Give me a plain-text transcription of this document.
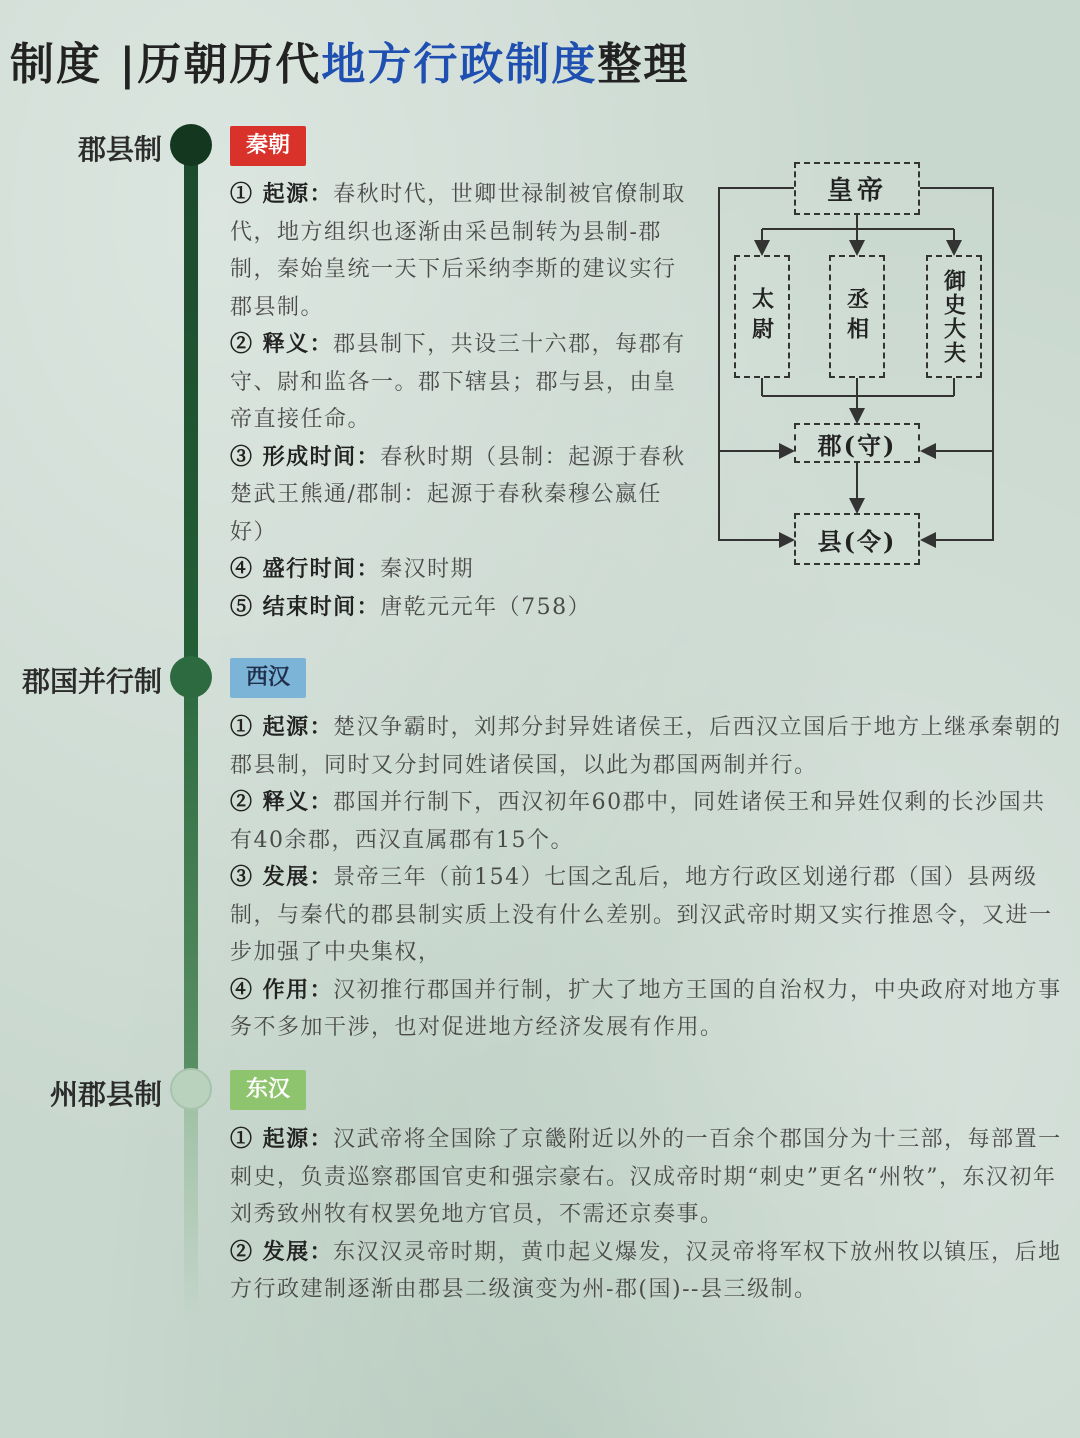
制度 |历朝历代地方行政制度整理
郡县制	秦朝
① 起源：春秋时代，世卿世禄制被官僚制取代，地方组织也逐渐由采邑制转为县制-郡制，秦始皇统一天下后采纳李斯的建议实行郡县制。
② 释义：郡县制下，共设三十六郡，每郡有守、尉和监各一。郡下辖县；郡与县，由皇帝直接任命。
③ 形成时间：春秋时期（县制：起源于春秋楚武王熊通/郡制：起源于春秋秦穆公嬴任好）
④ 盛行时间：秦汉时期
⑤ 结束时间：唐乾元元年（758）
皇帝
太尉	丞相	御史大夫
郡(守)
县(令)
郡国并行制	西汉
① 起源：楚汉争霸时，刘邦分封异姓诸侯王，后西汉立国后于地方上继承秦朝的郡县制，同时又分封同姓诸侯国，以此为郡国两制并行。
② 释义：郡国并行制下，西汉初年60郡中，同姓诸侯王和异姓仅剩的长沙国共有40余郡，西汉直属郡有15个。
③ 发展：景帝三年（前154）七国之乱后，地方行政区划递行郡（国）县两级制，与秦代的郡县制实质上没有什么差别。到汉武帝时期又实行推恩令，又进一步加强了中央集权，
④ 作用：汉初推行郡国并行制，扩大了地方王国的自治权力，中央政府对地方事务不多加干涉，也对促进地方经济发展有作用。
州郡县制	东汉
① 起源：汉武帝将全国除了京畿附近以外的一百余个郡国分为十三部，每部置一刺史，负责巡察郡国官吏和强宗豪右。汉成帝时期“刺史”更名“州牧”，东汉初年刘秀致州牧有权罢免地方官员，不需还京奏事。
② 发展：东汉汉灵帝时期，黄巾起义爆发，汉灵帝将军权下放州牧以镇压，后地方行政建制逐渐由郡县二级演变为州-郡(国)--县三级制。
